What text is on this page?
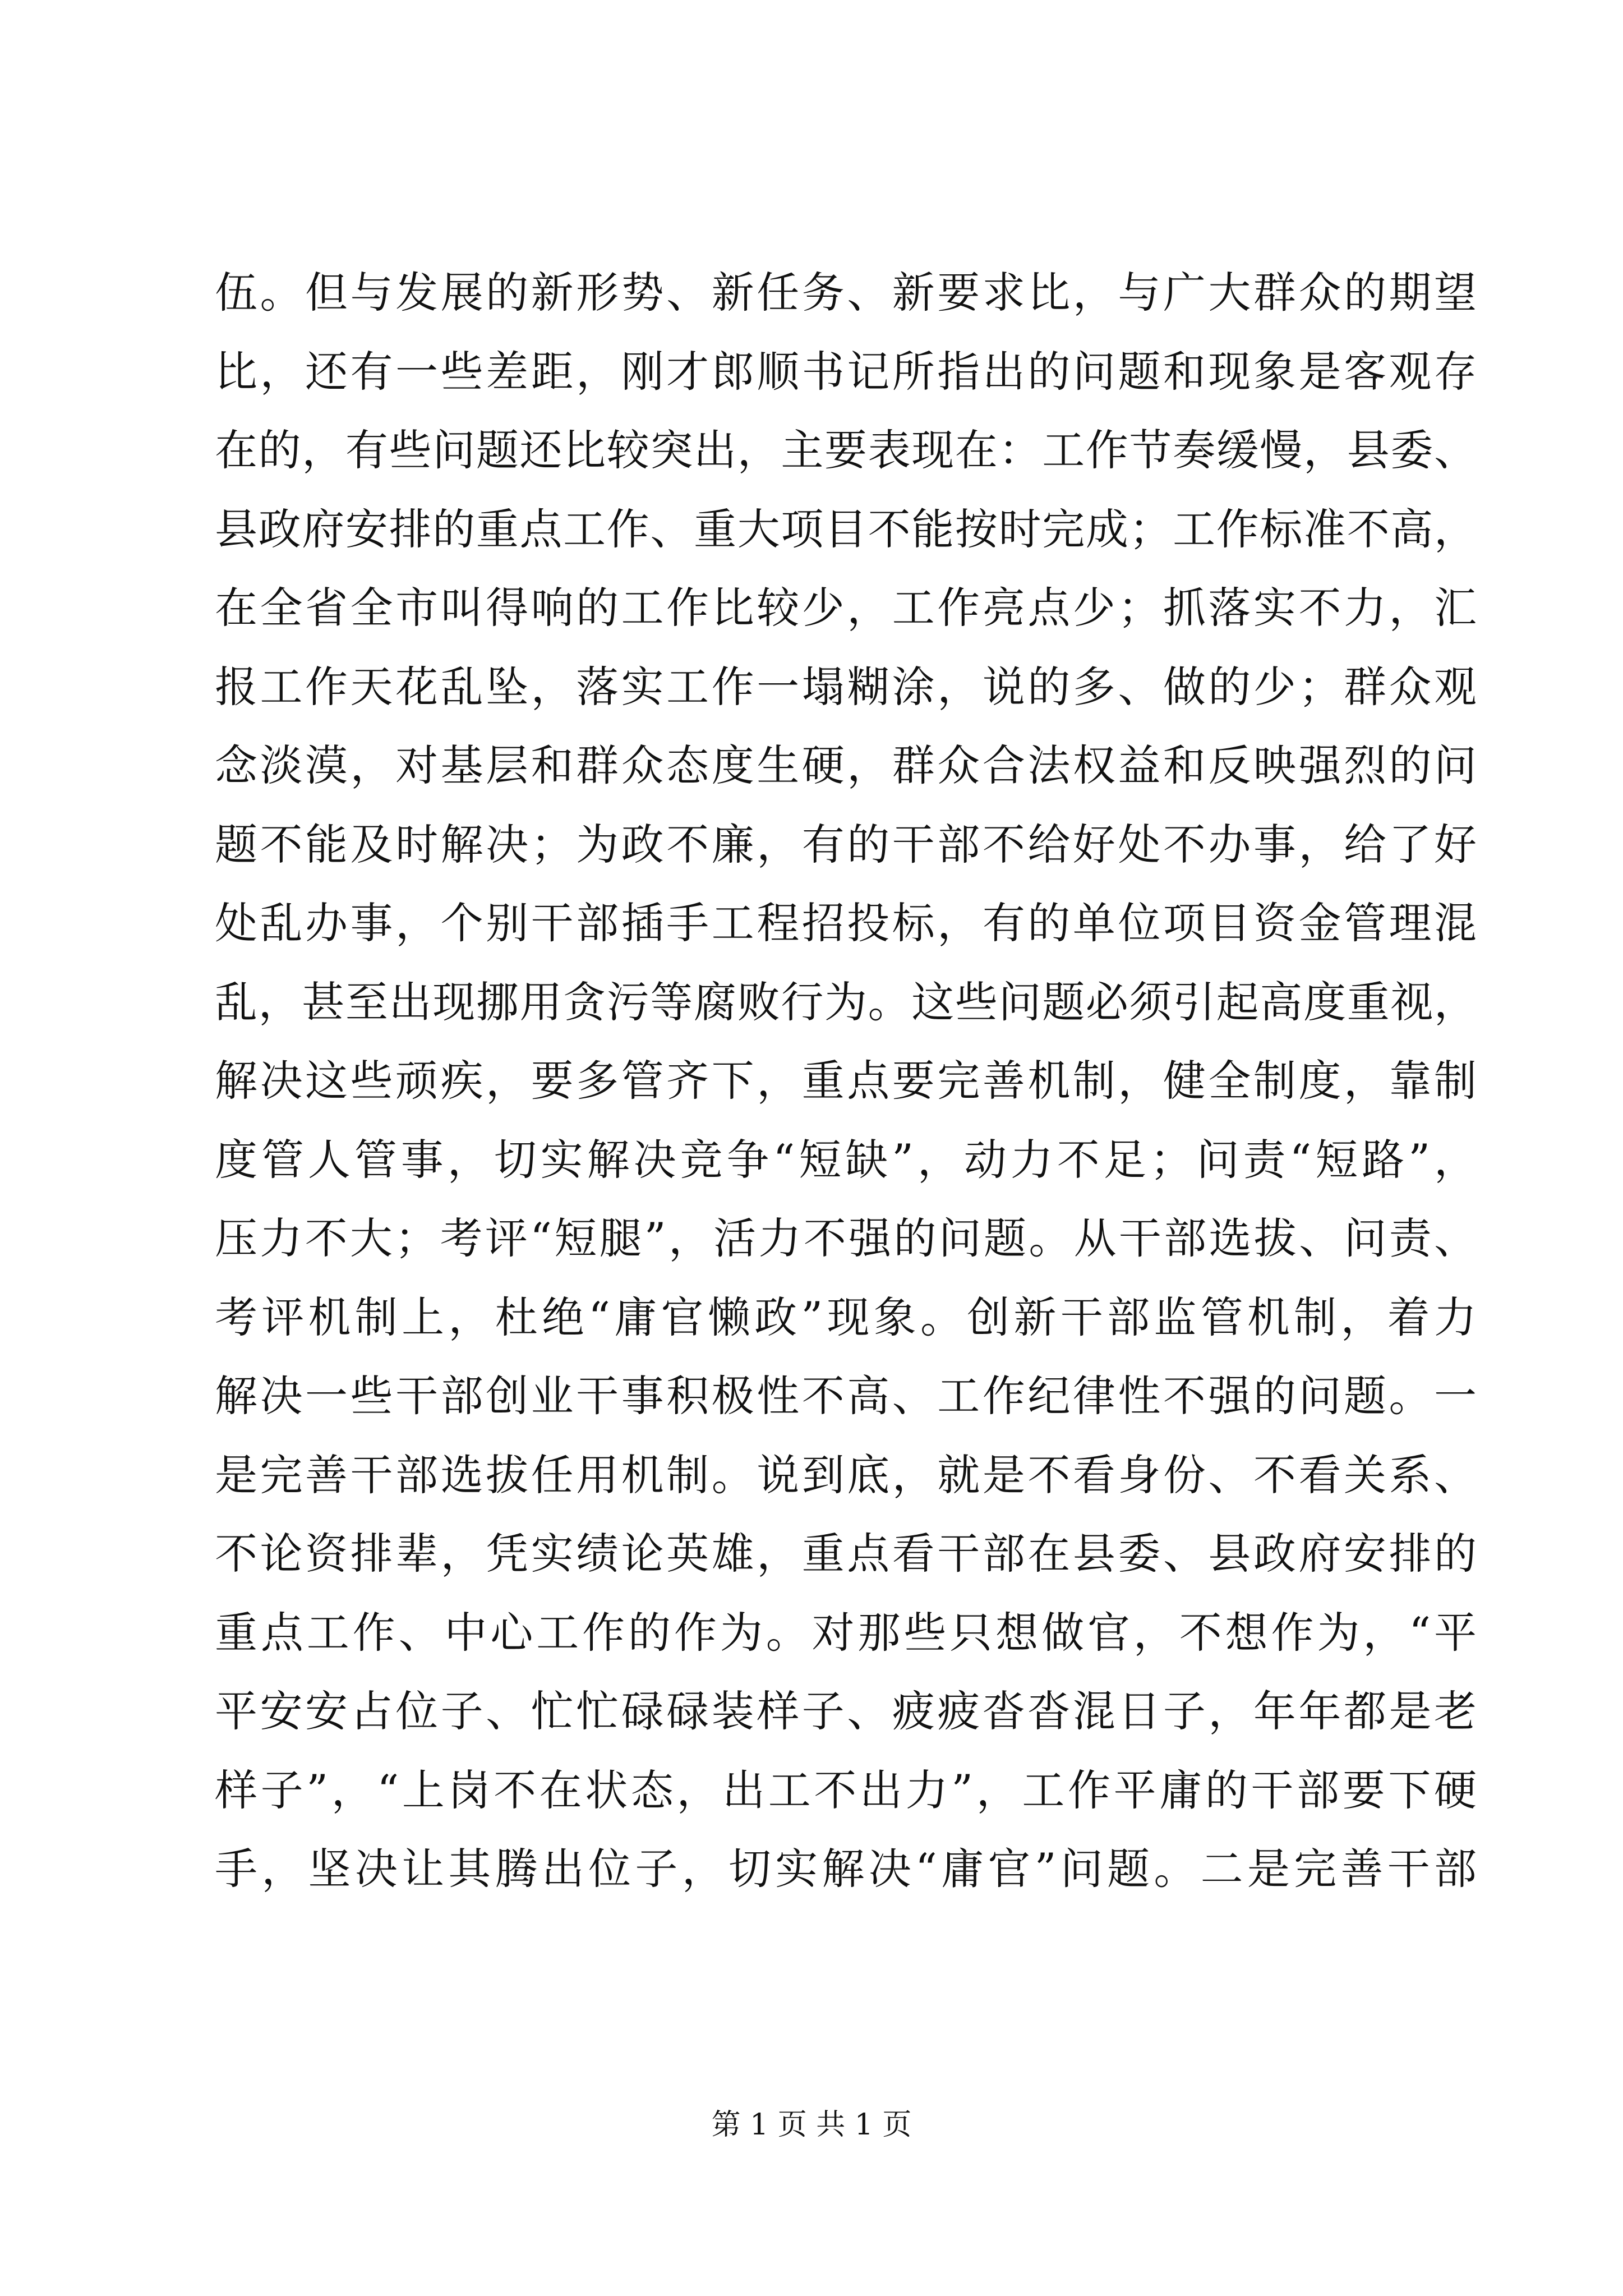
伍。但与发展的新形势、新任务、新要求比，与广大群众的期望
比，还有一些差距，刚才郎顺书记所指出的问题和现象是客观存
在的，有些问题还比较突出，主要表现在：工作节奏缓慢，县委、
县政府安排的重点工作、重大项目不能按时完成；工作标准不高，
在全省全市叫得响的工作比较少，工作亮点少；抓落实不力，汇
报工作天花乱坠，落实工作一塌糊涂，说的多、做的少；群众观
念淡漠，对基层和群众态度生硬，群众合法权益和反映强烈的问
题不能及时解决；为政不廉，有的干部不给好处不办事，给了好
处乱办事，个别干部插手工程招投标，有的单位项目资金管理混
乱，甚至出现挪用贪污等腐败行为。这些问题必须引起高度重视，
解决这些顽疾，要多管齐下，重点要完善机制，健全制度，靠制
度管人管事，切实解决竞争“短缺”，动力不足；问责“短路”，
压力不大；考评“短腿”，活力不强的问题。从干部选拔、问责、
考评机制上，杜绝“庸官懒政”现象。创新干部监管机制，着力
解决一些干部创业干事积极性不高、工作纪律性不强的问题。一
是完善干部选拔任用机制。说到底，就是不看身份、不看关系、
不论资排辈，凭实绩论英雄，重点看干部在县委、县政府安排的
重点工作、中心工作的作为。对那些只想做官，不想作为，“平
平安安占位子、忙忙碌碌装样子、疲疲沓沓混日子，年年都是老
样子”，“上岗不在状态，出工不出力”，工作平庸的干部要下硬
手，坚决让其腾出位子，切实解决“庸官”问题。二是完善干部
第 1 页 共 1 页
